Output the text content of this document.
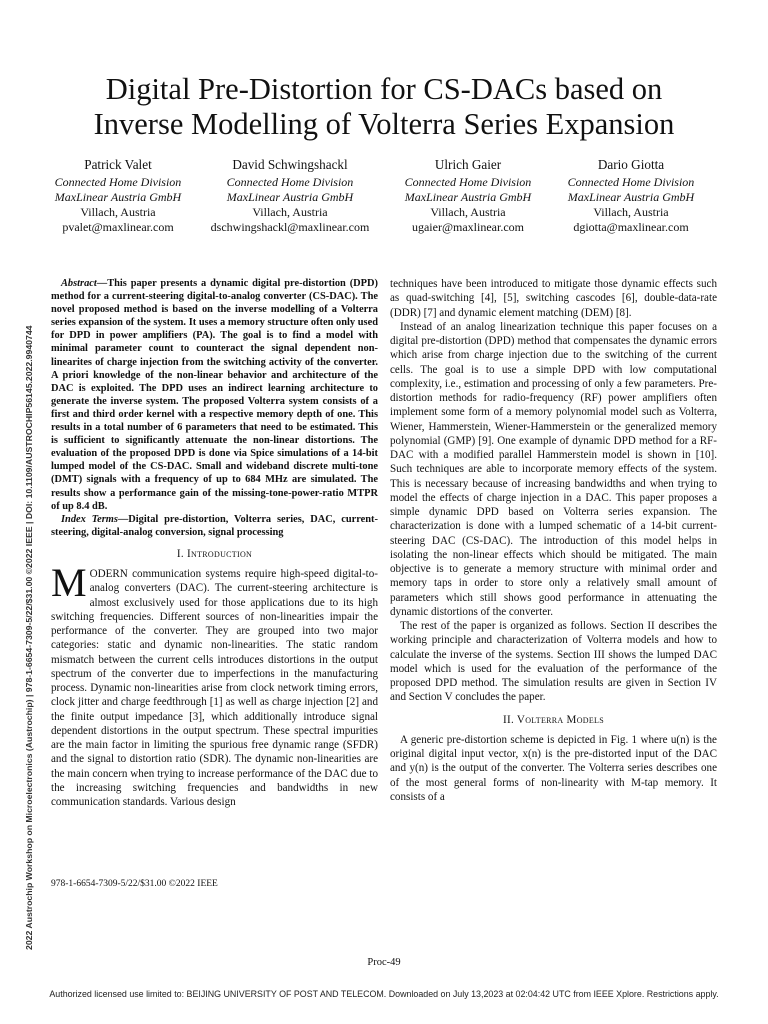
2022 Austrochip Workshop on Microelectronics (Austrochip) | 978-1-6654-7309-5/22/$31.00 ©2022 IEEE | DOI: 10.1109/AUSTROCHIP56145.2022.9940744
Digital Pre-Distortion for CS-DACs based on
Inverse Modelling of Volterra Series Expansion
Patrick Valet
Connected Home Division
MaxLinear Austria GmbH
Villach, Austria
pvalet@maxlinear.com
David Schwingshackl
Connected Home Division
MaxLinear Austria GmbH
Villach, Austria
dschwingshackl@maxlinear.com
Ulrich Gaier
Connected Home Division
MaxLinear Austria GmbH
Villach, Austria
ugaier@maxlinear.com
Dario Giotta
Connected Home Division
MaxLinear Austria GmbH
Villach, Austria
dgiotta@maxlinear.com

Abstract—This paper presents a dynamic digital pre-distortion (DPD) method for a current-steering digital-to-analog converter (CS-DAC). The novel proposed method is based on the inverse modelling of a Volterra series expansion of the system. It uses a memory structure often only used for DPD in power amplifiers (PA). The goal is to find a model with minimal parameter count to counteract the signal dependent non-linearites of charge injection from the switching activity of the converter. A priori knowledge of the non-linear behavior and architecture of the DAC is exploited. The DPD uses an indirect learning architecture to generate the inverse system. The proposed Volterra system consists of a first and third order kernel with a respective memory depth of one. This results in a total number of 6 parameters that need to be estimated. This is sufficient to significantly attenuate the non-linear distortions. The evaluation of the proposed DPD is done via Spice simulations of a 14-bit lumped model of the CS-DAC. Small and wideband discrete multi-tone (DMT) signals with a frequency of up to 684 MHz are simulated. The results show a performance gain of the missing-tone-power-ratio MTPR of up 8.4 dB.

Index Terms—Digital pre-distortion, Volterra series, DAC, current-steering, digital-analog conversion, signal processing

I. Introduction

MODERN communication systems require high-speed digital-to-analog converters (DAC). The current-steering architecture is almost exclusively used for those applications due to its high switching frequencies. Different sources of non-linearities impair the performance of the converter. They are grouped into two major categories: static and dynamic non-linearities. The static random mismatch between the current cells introduces distortions in the output spectrum of the converter due to imperfections in the manufacturing process. Dynamic non-linearities arise from clock network timing errors, clock jitter and charge feedthrough [1] as well as charge injection [2] and the finite output impedance [3], which additionally introduce signal dependent distortions in the output spectrum. These spectral impurities are the main factor in limiting the spurious free dynamic range (SFDR) and the signal to distortion ratio (SDR). The dynamic non-linearities are the main concern when trying to increase performance of the DAC due to the increasing switching frequencies and bandwidths in new communication standards. Various design

techniques have been introduced to mitigate those dynamic effects such as quad-switching [4], [5], switching cascodes [6], double-data-rate (DDR) [7] and dynamic element matching (DEM) [8].

Instead of an analog linearization technique this paper focuses on a digital pre-distortion (DPD) method that compensates the dynamic errors which arise from charge injection due to the switching of the current cells. The goal is to use a simple DPD with low computational complexity, i.e., estimation and processing of only a few parameters. Pre-distortion methods for radio-frequency (RF) power amplifiers often implement some form of a memory polynomial model such as Volterra, Wiener, Hammerstein, Wiener-Hammerstein or the generalized memory polynomial (GMP) [9]. One example of dynamic DPD method for a RF-DAC with a modified parallel Hammerstein model is shown in [10]. Such techniques are able to incorporate memory effects of the system. This is necessary because of increasing bandwidths and when trying to model the effects of charge injection in a DAC. This paper proposes a simple dynamic DPD based on Volterra series expansion. The characterization is done with a lumped schematic of a 14-bit current-steering DAC (CS-DAC). The introduction of this model helps in isolating the non-linear effects which should be mitigated. The main objective is to generate a memory structure with minimal order and memory taps in order to store only a relatively small amount of parameters which still shows good performance in attenuating the dynamic distortions of the converter.

The rest of the paper is organized as follows. Section II describes the working principle and characterization of Volterra models and how to calculate the inverse of the systems. Section III shows the lumped DAC model which is used for the evaluation of the performance of the proposed DPD method. The simulation results are given in Section IV and Section V concludes the paper.

II. Volterra Models

A generic pre-distortion scheme is depicted in Fig. 1 where u(n) is the original digital input vector, x(n) is the pre-distorted input of the DAC and y(n) is the output of the converter. The Volterra series describes one of the most general forms of non-linearity with M-tap memory. It consists of a

978-1-6654-7309-5/22/$31.00 ©2022 IEEE
Proc-49
Authorized licensed use limited to: BEIJING UNIVERSITY OF POST AND TELECOM. Downloaded on July 13,2023 at 02:04:42 UTC from IEEE Xplore. Restrictions apply.
